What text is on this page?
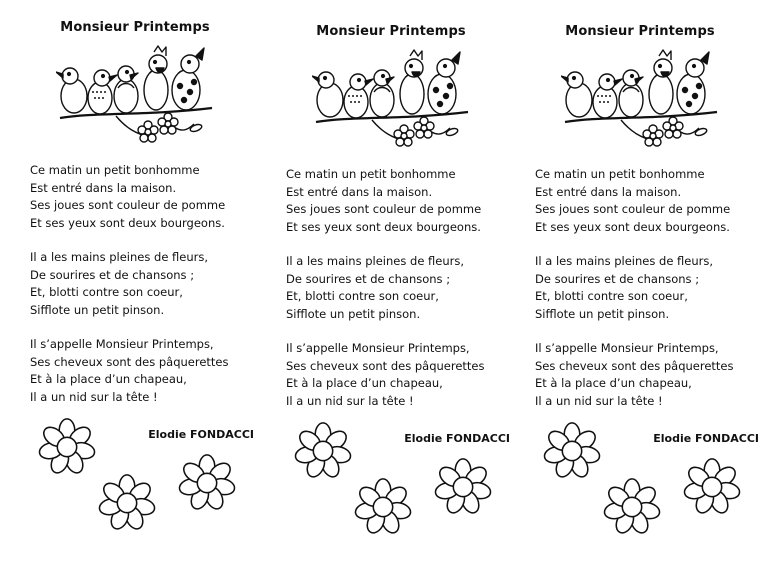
Monsieur Printemps
Ce matin un petit bonhomme
Est entré dans la maison.
Ses joues sont couleur de pomme
Et ses yeux sont deux bourgeons.
Il a les mains pleines de fleurs,
De sourires et de chansons ;
Et, blotti contre son coeur,
Sifflote un petit pinson.
Il s’appelle Monsieur Printemps,
Ses cheveux sont des pâquerettes
Et à la place d’un chapeau,
Il a un nid sur la tête !
Elodie FONDACCI
Monsieur Printemps
Ce matin un petit bonhomme
Est entré dans la maison.
Ses joues sont couleur de pomme
Et ses yeux sont deux bourgeons.
Il a les mains pleines de fleurs,
De sourires et de chansons ;
Et, blotti contre son coeur,
Sifflote un petit pinson.
Il s’appelle Monsieur Printemps,
Ses cheveux sont des pâquerettes
Et à la place d’un chapeau,
Il a un nid sur la tête !
Elodie FONDACCI
Monsieur Printemps
Ce matin un petit bonhomme
Est entré dans la maison.
Ses joues sont couleur de pomme
Et ses yeux sont deux bourgeons.
Il a les mains pleines de fleurs,
De sourires et de chansons ;
Et, blotti contre son coeur,
Sifflote un petit pinson.
Il s’appelle Monsieur Printemps,
Ses cheveux sont des pâquerettes
Et à la place d’un chapeau,
Il a un nid sur la tête !
Elodie FONDACCI
